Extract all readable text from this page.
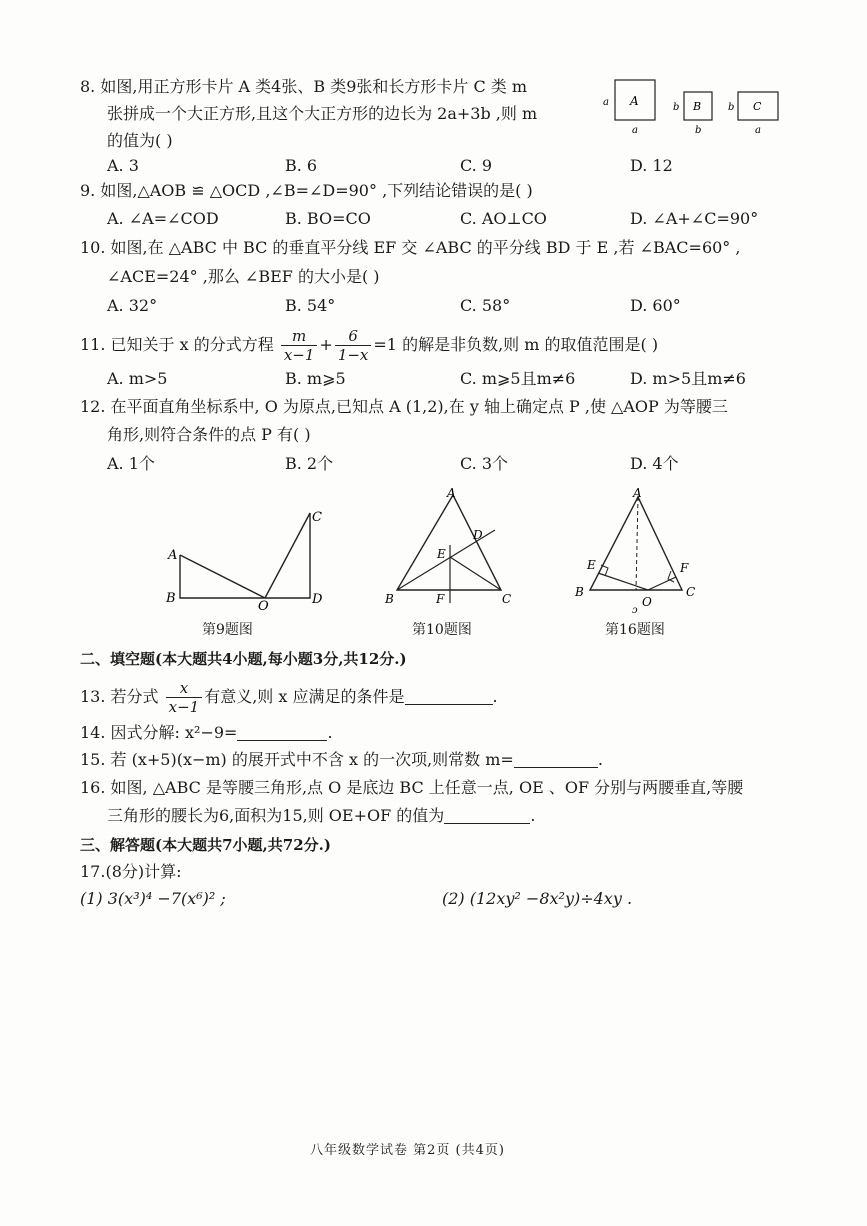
8. 如图,用正方形卡片 A 类4张、B 类9张和长方形卡片 C 类 m
张拼成一个大正方形,且这个大正方形的边长为 2a+3b ,则 m
的值为( )
A. 3	B. 6	C. 9	D. 12
A
a
a
B
b
b
C
b
a
9. 如图,△AOB ≌ △OCD ,∠B=∠D=90° ,下列结论错误的是( )
A. ∠A=∠COD	B. BO=CO	C. AO⊥CO	D. ∠A+∠C=90°
10. 如图,在 △ABC 中 BC 的垂直平分线 EF 交 ∠ABC 的平分线 BD 于 E ,若 ∠BAC=60° ,
∠ACE=24° ,那么 ∠BEF 的大小是( )
A. 32°	B. 54°	C. 58°	D. 60°
11. 已知关于 x 的分式方程 $\frac{m}{x-1} + \frac{6}{1-x} =1$ 的解是非负数,则 m 的取值范围是( )
A. m>5	B. m⩾5	C. m⩾5且m≠6	D. m>5且m≠6
12. 在平面直角坐标系中, O 为原点,已知点 A (1,2),在 y 轴上确定点 P ,使 △AOP 为等腰三
角形,则符合条件的点 P 有( )
A. 1个	B. 2个	C. 3个	D. 4个
A
B
O
C
D
第9题图
A
B	C
D
E
F
第10题图
A
B	C
E	F
O
ɔ
第16题图
二、填空题(本大题共4小题,每小题3分,共12分.)
13. 若分式 $\frac{x}{x-1}$ 有意义,则 x 应满足的条件是	.
14. 因式分解: x²−9=	.
15. 若 (x+5)(x−m) 的展开式中不含 x 的一次项,则常数 m=	.
16. 如图, △ABC 是等腰三角形,点 O 是底边 BC 上任意一点, OE 、OF 分别与两腰垂直,等腰
三角形的腰长为6,面积为15,则 OE+OF 的值为	.
三、解答题(本大题共7小题,共72分.)
17.(8分)计算:
(1) 3(x³)⁴ −7(x⁶)² ;	(2) (12xy² −8x²y)÷4xy .
八年级数学试卷 第2页 (共4页)
